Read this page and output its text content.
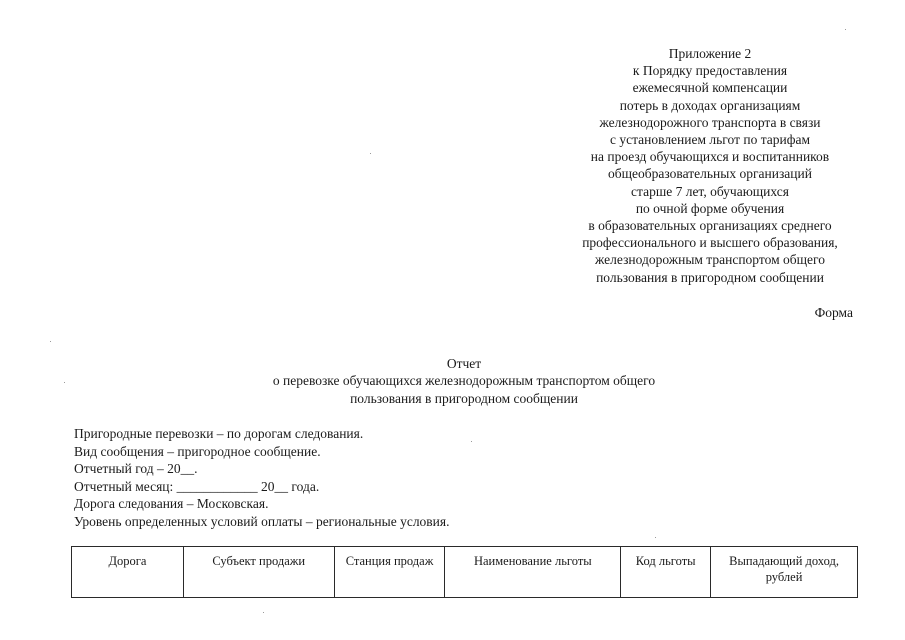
Приложение 2
к Порядку предоставления
ежемесячной компенсации
потерь в доходах организациям
железнодорожного транспорта в связи
с установлением льгот по тарифам
на проезд обучающихся и воспитанников
общеобразовательных организаций
старше 7 лет, обучающихся
по очной форме обучения
в образовательных организациях среднего
профессионального и высшего образования,
железнодорожным транспортом общего
пользования в пригородном сообщении
Форма
Отчет
о перевозке обучающихся железнодорожным транспортом общего
пользования в пригородном сообщении
Пригородные перевозки – по дорогам следования.
Вид сообщения – пригородное сообщение.
Отчетный год – 20__.
Отчетный месяц: ____________ 20__ года.
Дорога следования – Московская.
Уровень определенных условий оплаты – региональные условия.
Дорога	Субъект продажи	Станция продаж	Наименование льготы	Код льготы	Выпадающий доход, рублей
